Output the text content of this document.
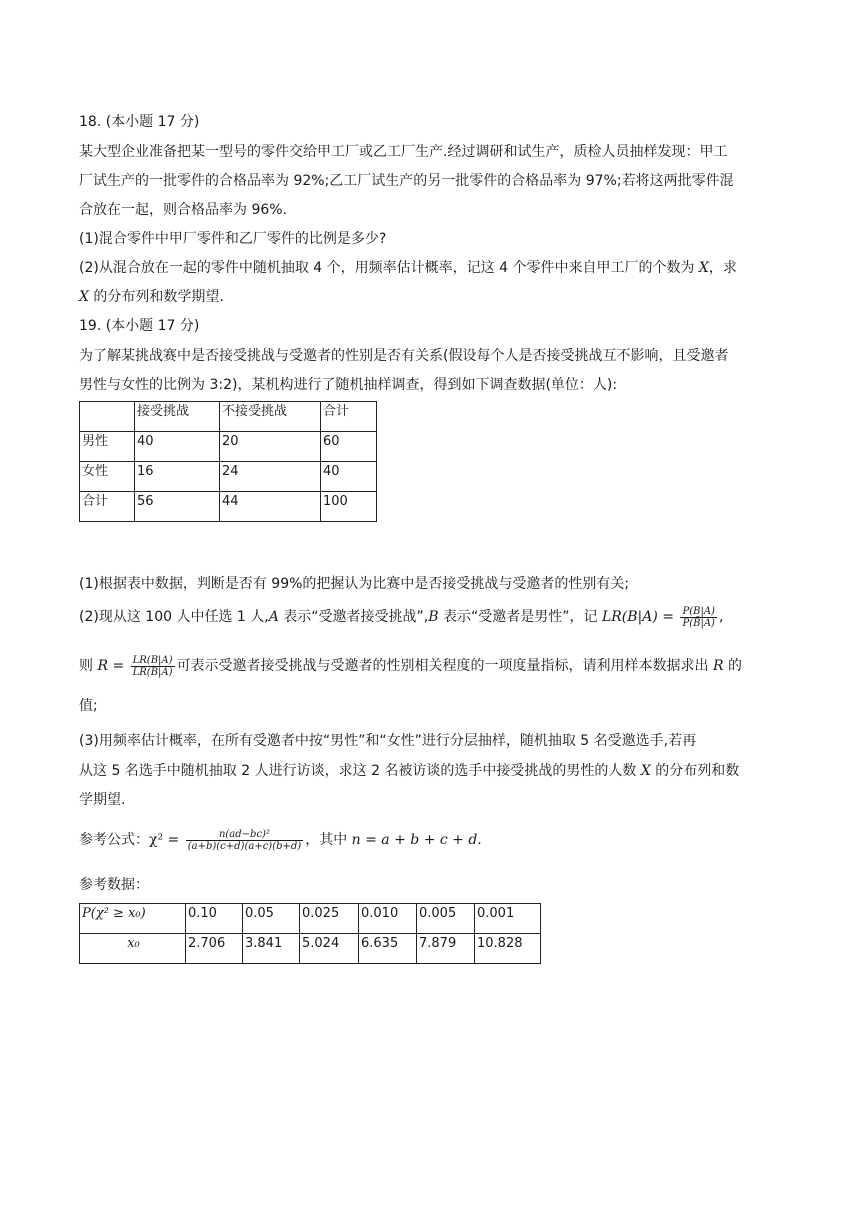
18. (本小题 17 分)
某大型企业准备把某一型号的零件交给甲工厂或乙工厂生产.经过调研和试生产，质检人员抽样发现：甲工
厂试生产的一批零件的合格品率为 92%;乙工厂试生产的另一批零件的合格品率为 97%;若将这两批零件混
合放在一起，则合格品率为 96%.
(1)混合零件中甲厂零件和乙厂零件的比例是多少?
(2)从混合放在一起的零件中随机抽取 4 个，用频率估计概率，记这 4 个零件中来自甲工厂的个数为 X，求
X 的分布列和数学期望.
19. (本小题 17 分)
为了解某挑战赛中是否接受挑战与受邀者的性别是否有关系(假设每个人是否接受挑战互不影响，且受邀者
男性与女性的比例为 3:2)，某机构进行了随机抽样调查，得到如下调查数据(单位：人):
	接受挑战	不接受挑战	合计
男性	40	20	60
女性	16	24	40
合计	56	44	100
(1)根据表中数据，判断是否有 99%的把握认为比赛中是否接受挑战与受邀者的性别有关;
(2)现从这 100 人中任选 1 人,A 表示“受邀者接受挑战”,B 表示“受邀者是男性”，记 $LR(B|A) = \frac{P(B|A)}{P(B̄|A)}$ ,
则 $R = \frac{LR(B|A)}{LR(B|Ā)}$ 可表示受邀者接受挑战与受邀者的性别相关程度的一项度量指标，请利用样本数据求出 R 的
值;
(3)用频率估计概率，在所有受邀者中按“男性”和“女性”进行分层抽样，随机抽取 5 名受邀选手,若再
从这 5 名选手中随机抽取 2 人进行访谈，求这 2 名被访谈的选手中接受挑战的男性的人数 X 的分布列和数
学期望.
参考公式：$\chi^2 = \frac{\text{n(ad−bc)²}}{(a+b)(c+d)(a+c)(b+d)}$ ，其中 n = a + b + c + d.
参考数据：
P(χ² ≥ x₀)	0.10	0.05	0.025	0.010	0.005	0.001
x₀	2.706	3.841	5.024	6.635	7.879	10.828
